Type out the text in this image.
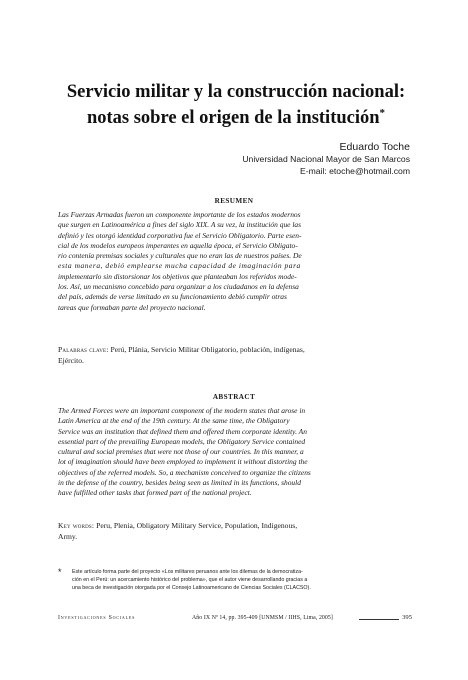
Servicio militar y la construcción nacional:
notas sobre el origen de la institución*
Eduardo Toche
Universidad Nacional Mayor de San Marcos
E-mail: etoche@hotmail.com
RESUMEN

Las Fuerzas Armadas fueron un componente importante de los estados modernos

que surgen en Latinoamérica a fines del siglo XIX. A su vez, la institución que las

definió y les otorgó identidad corporativa fue el Servicio Obligatorio. Parte esen-

cial de los modelos europeos imperantes en aquella época, el Servicio Obligato-

rio contenía premisas sociales y culturales que no eran las de nuestros países. De

esta manera, debió emplearse mucha capacidad de imaginación para

implementarlo sin distorsionar los objetivos que planteaban los referidos mode-

los. Así, un mecanismo concebido para organizar a los ciudadanos en la defensa

del país, además de verse limitado en su funcionamiento debió cumplir otras

tareas que formaban parte del proyecto nacional.

Palabras clave: Perú, Plánia, Servicio Militar Obligatorio, población, indígenas,
Ejército.
ABSTRACT

The Armed Forces were an important component of the modern states that arose in

Latin America at the end of the 19th century. At the same time, the Obligatory

Service was an institution that defined them and offered them corporate identity. An

essential part of the prevailing European models, the Obligatory Service contained

cultural and social premises that were not those of our countries. In this manner, a

lot of imagination should have been employed to implement it without distorting the

objectives of the referred models. So, a mechanism conceived to organize the citizens

in the defense of the country, besides being seen as limited in its functions, should

have fulfilled other tasks that formed part of the national project.

Key words: Peru, Plenia, Obligatory Military Service, Population, Indigenous,
Army.
* Este artículo forma parte del proyecto «Los militares peruanos ante los dilemas de la democratiza-
ción en el Perú: un acercamiento histórico del problema», que el autor viene desarrollando gracias a
una beca de investigación otorgada por el Consejo Latinoamericano de Ciencias Sociales (CLACSO).
Investigaciones Sociales	Año IX Nº 14, pp. 395-409 [UNMSM / IIHS, Lima, 2005]	395
